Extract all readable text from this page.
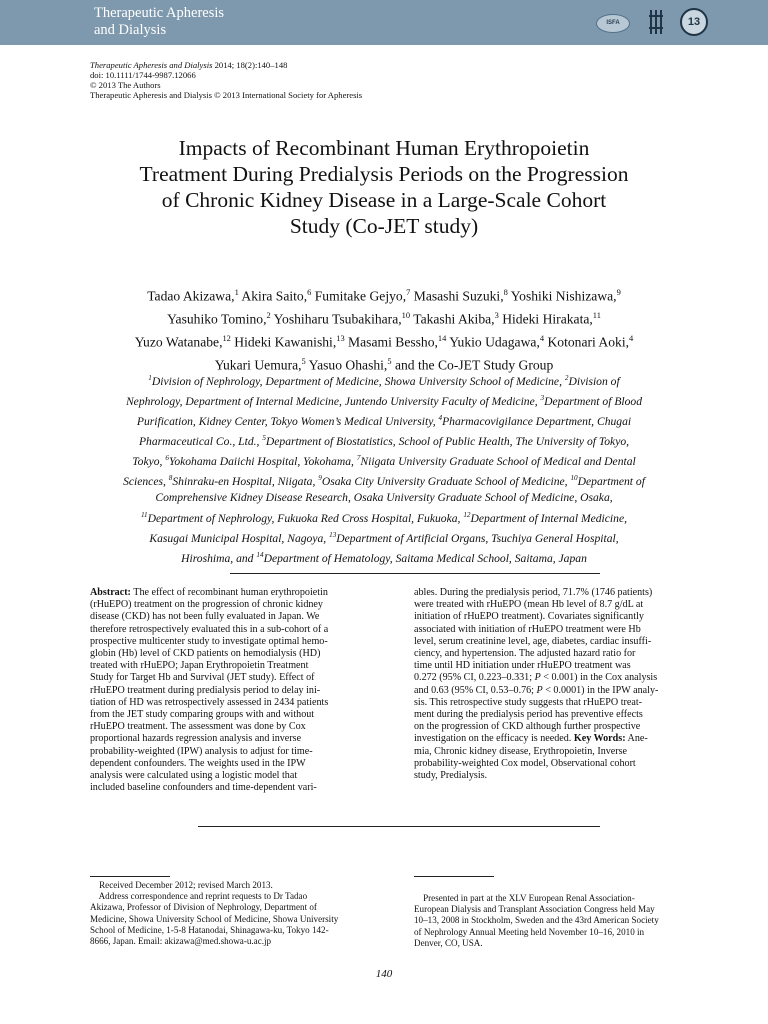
Therapeutic Apheresis
and Dialysis	ISFA	13
Therapeutic Apheresis and Dialysis 2014; 18(2):140–148
doi: 10.1111/1744-9987.12066
© 2013 The Authors
Therapeutic Apheresis and Dialysis © 2013 International Society for Apheresis
Impacts of Recombinant Human Erythropoietin
Treatment During Predialysis Periods on the Progression
of Chronic Kidney Disease in a Large-Scale Cohort
Study (Co-JET study)
Tadao Akizawa,$^1$ Akira Saito,$^6$ Fumitake Gejyo,$^7$ Masashi Suzuki,$^8$ Yoshiki Nishizawa,$^9$
Yasuhiko Tomino,$^2$ Yoshiharu Tsubakihara,$^{10}$ Takashi Akiba,$^3$ Hideki Hirakata,$^{11}$
Yuzo Watanabe,$^{12}$ Hideki Kawanishi,$^{13}$ Masami Bessho,$^{14}$ Yukio Udagawa,$^4$ Kotonari Aoki,$^4$
Yukari Uemura,$^5$ Yasuo Ohashi,$^5$ and the Co-JET Study Group
$^1$Division of Nephrology, Department of Medicine, Showa University School of Medicine, $^2$Division of
Nephrology, Department of Internal Medicine, Juntendo University Faculty of Medicine, $^3$Department of Blood
Purification, Kidney Center, Tokyo Women’s Medical University, $^4$Pharmacovigilance Department, Chugai
Pharmaceutical Co., Ltd., $^5$Department of Biostatistics, School of Public Health, The University of Tokyo,
Tokyo, $^6$Yokohama Daiichi Hospital, Yokohama, $^7$Niigata University Graduate School of Medical and Dental
Sciences, $^8$Shinraku-en Hospital, Niigata, $^9$Osaka City University Graduate School of Medicine, $^{10}$Department of
Comprehensive Kidney Disease Research, Osaka University Graduate School of Medicine, Osaka,
$^{11}$Department of Nephrology, Fukuoka Red Cross Hospital, Fukuoka, $^{12}$Department of Internal Medicine,
Kasugai Municipal Hospital, Nagoya, $^{13}$Department of Artificial Organs, Tsuchiya General Hospital,
Hiroshima, and $^{14}$Department of Hematology, Saitama Medical School, Saitama, Japan
Abstract: The effect of recombinant human erythropoietin
(rHuEPO) treatment on the progression of chronic kidney
disease (CKD) has not been fully evaluated in Japan. We
therefore retrospectively evaluated this in a sub-cohort of a
prospective multicenter study to investigate optimal hemo-
globin (Hb) level of CKD patients on hemodialysis (HD)
treated with rHuEPO; Japan Erythropoietin Treatment
Study for Target Hb and Survival (JET study). Effect of
rHuEPO treatment during predialysis period to delay ini-
tiation of HD was retrospectively assessed in 2434 patients
from the JET study comparing groups with and without
rHuEPO treatment. The assessment was done by Cox
proportional hazards regression analysis and inverse
probability-weighted (IPW) analysis to adjust for time-
dependent confounders. The weights used in the IPW
analysis were calculated using a logistic model that
included baseline confounders and time-dependent vari-
ables. During the predialysis period, 71.7% (1746 patients)
were treated with rHuEPO (mean Hb level of 8.7 g/dL at
initiation of rHuEPO treatment). Covariates significantly
associated with initiation of rHuEPO treatment were Hb
level, serum creatinine level, age, diabetes, cardiac insuffi-
ciency, and hypertension. The adjusted hazard ratio for
time until HD initiation under rHuEPO treatment was
0.272 (95% CI, 0.223–0.331; P < 0.001) in the Cox analysis
and 0.63 (95% CI, 0.53–0.76; P < 0.0001) in the IPW analy-
sis. This retrospective study suggests that rHuEPO treat-
ment during the predialysis period has preventive effects
on the progression of CKD although further prospective
investigation on the efficacy is needed. Key Words: Ane-
mia, Chronic kidney disease, Erythropoietin, Inverse
probability-weighted Cox model, Observational cohort
study, Predialysis.
Received December 2012; revised March 2013.
Address correspondence and reprint requests to Dr Tadao
Akizawa, Professor of Division of Nephrology, Department of
Medicine, Showa University School of Medicine, Showa University
School of Medicine, 1-5-8 Hatanodai, Shinagawa-ku, Tokyo 142-
8666, Japan. Email: akizawa@med.showa-u.ac.jp
Presented in part at the XLV European Renal Association-
European Dialysis and Transplant Association Congress held May
10–13, 2008 in Stockholm, Sweden and the 43rd American Society
of Nephrology Annual Meeting held November 10–16, 2010 in
Denver, CO, USA.
140
